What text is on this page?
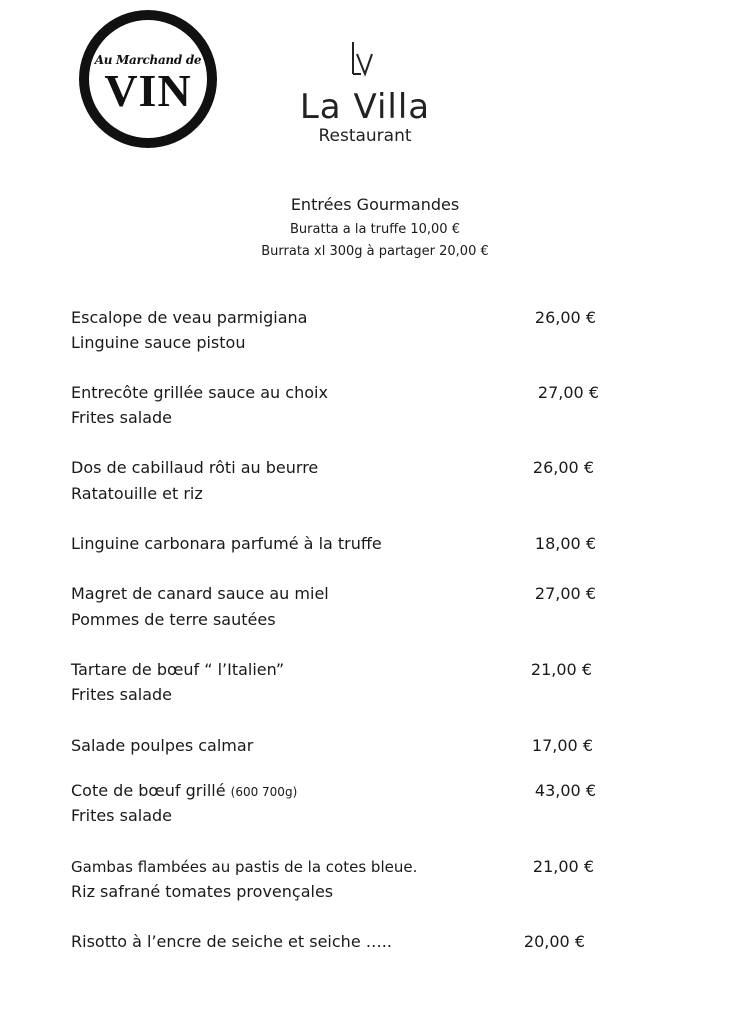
Au Marchand de
VIN	La Villa
Restaurant
Entrées Gourmandes
Buratta a la truffe 10,00 €
Burrata xl 300g à partager 20,00 €
Escalope de veau parmigiana	26,00 €
Linguine sauce pistou
Entrecôte grillée sauce au choix	27,00 €
Frites salade
Dos de cabillaud rôti au beurre	26,00 €
Ratatouille et riz
Linguine carbonara parfumé à la truffe	18,00 €
Magret de canard sauce au miel	27,00 €
Pommes de terre sautées
Tartare de bœuf “ l’Italien”	21,00 €
Frites salade
Salade poulpes calmar	17,00 €
Cote de bœuf grillé (600 700g)	43,00 €
Frites salade
Gambas flambées au pastis de la cotes bleue.	21,00 €
Riz safrané tomates provençales
Risotto à l’encre de seiche et seiche …..	20,00 €
